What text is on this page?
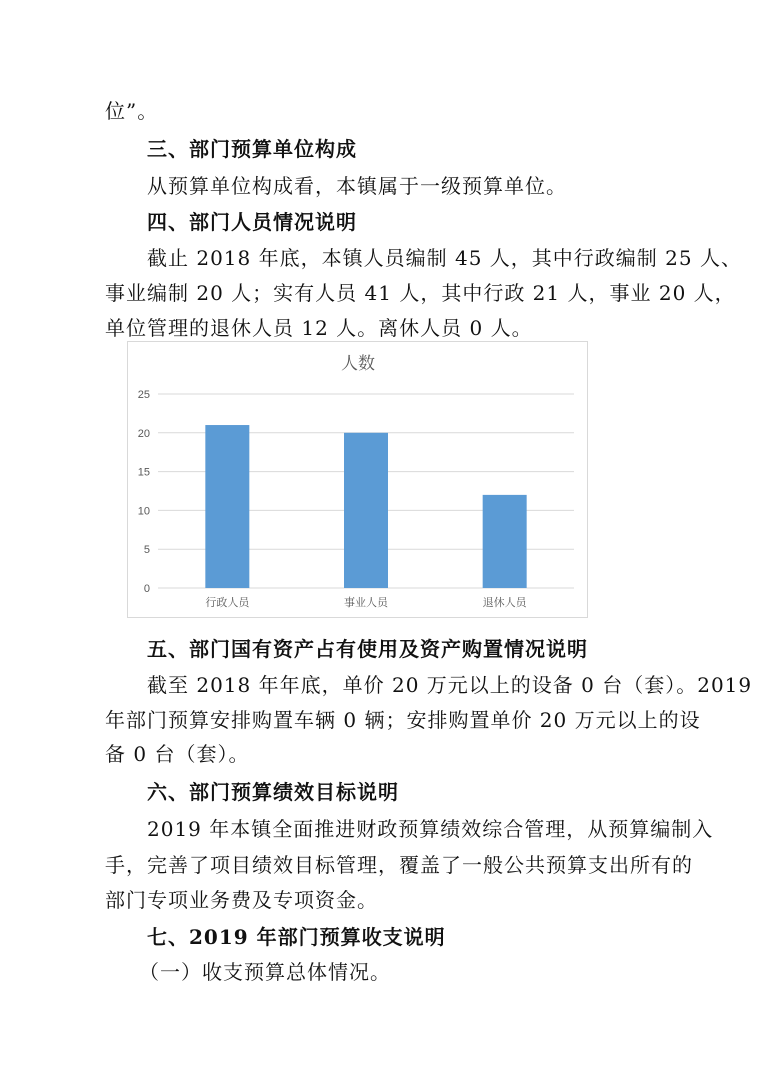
位”。
三、部门预算单位构成
从预算单位构成看，本镇属于一级预算单位。
四、部门人员情况说明
截止 2018 年底，本镇人员编制 45 人，其中行政编制 25 人、
事业编制 20 人；实有人员 41 人，其中行政 21 人，事业 20 人，
单位管理的退休人员 12 人。离休人员 0 人。
人数
0
5
10
15
20
25
行政人员	事业人员	退休人员
五、部门国有资产占有使用及资产购置情况说明
截至 2018 年年底，单价 20 万元以上的设备 0 台（套）。2019
年部门预算安排购置车辆 0 辆；安排购置单价 20 万元以上的设
备 0 台（套）。
六、部门预算绩效目标说明
2019 年本镇全面推进财政预算绩效综合管理，从预算编制入
手，完善了项目绩效目标管理，覆盖了一般公共预算支出所有的
部门专项业务费及专项资金。
七、2019 年部门预算收支说明
（一）收支预算总体情况。
